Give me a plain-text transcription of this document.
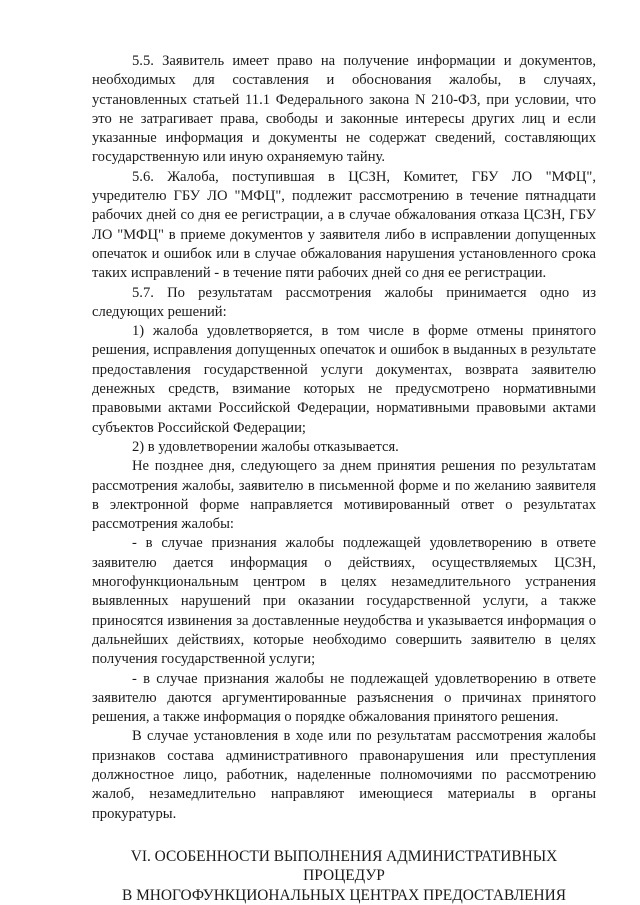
5.5. Заявитель имеет право на получение информации и документов, необходимых для составления и обоснования жалобы, в случаях, установленных статьей 11.1 Федерального закона N 210-ФЗ, при условии, что это не затрагивает права, свободы и законные интересы других лиц и если указанные информация и документы не содержат сведений, составляющих государственную или иную охраняемую тайну.

5.6. Жалоба, поступившая в ЦСЗН, Комитет, ГБУ ЛО "МФЦ", учредителю ГБУ ЛО "МФЦ", подлежит рассмотрению в течение пятнадцати рабочих дней со дня ее регистрации, а в случае обжалования отказа ЦСЗН, ГБУ ЛО "МФЦ" в приеме документов у заявителя либо в исправлении допущенных опечаток и ошибок или в случае обжалования нарушения установленного срока таких исправлений - в течение пяти рабочих дней со дня ее регистрации.

5.7. По результатам рассмотрения жалобы принимается одно из следующих решений:

1) жалоба удовлетворяется, в том числе в форме отмены принятого решения, исправления допущенных опечаток и ошибок в выданных в результате предоставления государственной услуги документах, возврата заявителю денежных средств, взимание которых не предусмотрено нормативными правовыми актами Российской Федерации, нормативными правовыми актами субъектов Российской Федерации;

2) в удовлетворении жалобы отказывается.

Не позднее дня, следующего за днем принятия решения по результатам рассмотрения жалобы, заявителю в письменной форме и по желанию заявителя в электронной форме направляется мотивированный ответ о результатах рассмотрения жалобы:

- в случае признания жалобы подлежащей удовлетворению в ответе заявителю дается информация о действиях, осуществляемых ЦСЗН, многофункциональным центром в целях незамедлительного устранения выявленных нарушений при оказании государственной услуги, а также приносятся извинения за доставленные неудобства и указывается информация о дальнейших действиях, которые необходимо совершить заявителю в целях получения государственной услуги;

- в случае признания жалобы не подлежащей удовлетворению в ответе заявителю даются аргументированные разъяснения о причинах принятого решения, а также информация о порядке обжалования принятого решения.

В случае установления в ходе или по результатам рассмотрения жалобы признаков состава административного правонарушения или преступления должностное лицо, работник, наделенные полномочиями по рассмотрению жалоб, незамедлительно направляют имеющиеся материалы в органы прокуратуры.

VI. ОСОБЕННОСТИ ВЫПОЛНЕНИЯ АДМИНИСТРАТИВНЫХ
ПРОЦЕДУР
В МНОГОФУНКЦИОНАЛЬНЫХ ЦЕНТРАХ ПРЕДОСТАВЛЕНИЯ
